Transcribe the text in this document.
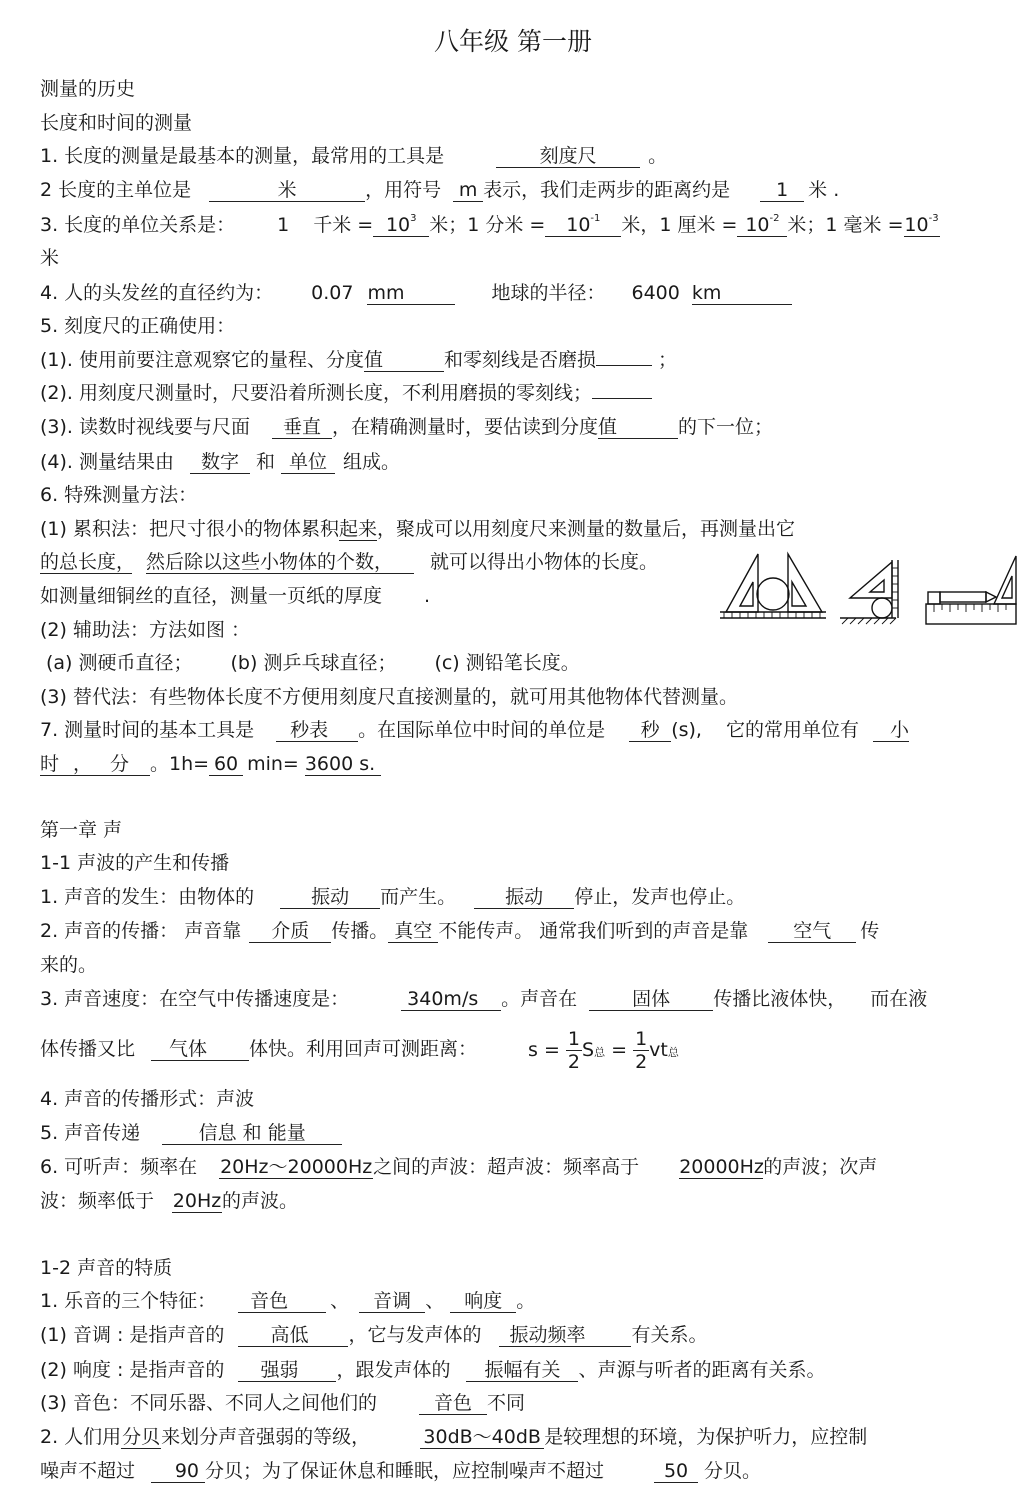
八年级 第一册
测量的历史
长度和时间的测量
1. 长度的测量是最基本的测量，最常用的工具是	刻度尺	。
2 长度的主单位是	米	，用符号 m 表示，我们走两步的距离约是 1 米 .
3. 长度的单位关系是： 1 千米 = $10^3$ 米；1 分米 = $10^{-1}$ 米，1 厘米 = $10^{-2}$ 米；1 毫米 $=10^{-3}$
米
4. 人的头发丝的直径约为： 0.07 mm	地球的半径： 6400 km
5. 刻度尺的正确使用：
(1). 使用前要注意观察它的量程、分度值	和零刻线是否磨损	；
(2). 用刻度尺测量时，尺要沿着所测长度，不利用磨损的零刻线；
(3). 读数时视线要与尺面 垂直 ，在精确测量时，要估读到分度值	的下一位；
(4). 测量结果由 数字 和 单位 组成。
6. 特殊测量方法：
(1) 累积法：把尺寸很小的物体累积起来，聚成可以用刻度尺来测量的数量后，再测量出它
的总长度， 然后除以这些小物体的个数， 就可以得出小物体的长度。
如测量细铜丝的直径，测量一页纸的厚度 .
(2) 辅助法：方法如图 ：
(a) 测硬币直径； (b) 测乒乓球直径； (c) 测铅笔长度。
(3) 替代法：有些物体长度不方便用刻度尺直接测量的，就可用其他物体代替测量。
7. 测量时间的基本工具是 秒表 。在国际单位中时间的单位是 秒 (s), 它的常用单位有 小
时 ， 分 。1h= 60 min= 3600 s.
第一章 声
1-1 声波的产生和传播
1. 声音的发生：由物体的	振动 而产生。	振动 停止，发声也停止。
2. 声音的传播： 声音靠 介质 传播。 真空 不能传声。 通常我们听到的声音是靠 空气 传
来的。
3. 声音速度：在空气中传播速度是：	340m/s 。声音在	固体 传播比液体快， 而在液
体传播又比 气体 体快。利用回声可测距离：	$s = \frac{1}{2}$ S总 = $\frac{1}{2}$ vt总
4. 声音的传播形式：声波
5. 声音传递	信息 和 能量
6. 可听声：频率在 20Hz～20000Hz之间的声波：超声波：频率高于 20000Hz的声波；次声
波：频率低于 20Hz的声波。
1-2 声音的特质
1. 乐音的三个特征： 音色 、 音调 、 响度 。
(1) 音调 : 是指声音的 高低 ，它与发声体的 振动频率 有关系。
(2) 响度 : 是指声音的 强弱 ，跟发声体的 振幅有关 、声源与听者的距离有关系。
(3) 音色：不同乐器、不同人之间他们的	音色 不同
2. 人们用分贝来划分声音强弱的等级，	30dB～40dB 是较理想的环境，为保护听力，应控制
噪声不超过 90 分贝；为了保证休息和睡眠，应控制噪声不超过	50 分贝。
